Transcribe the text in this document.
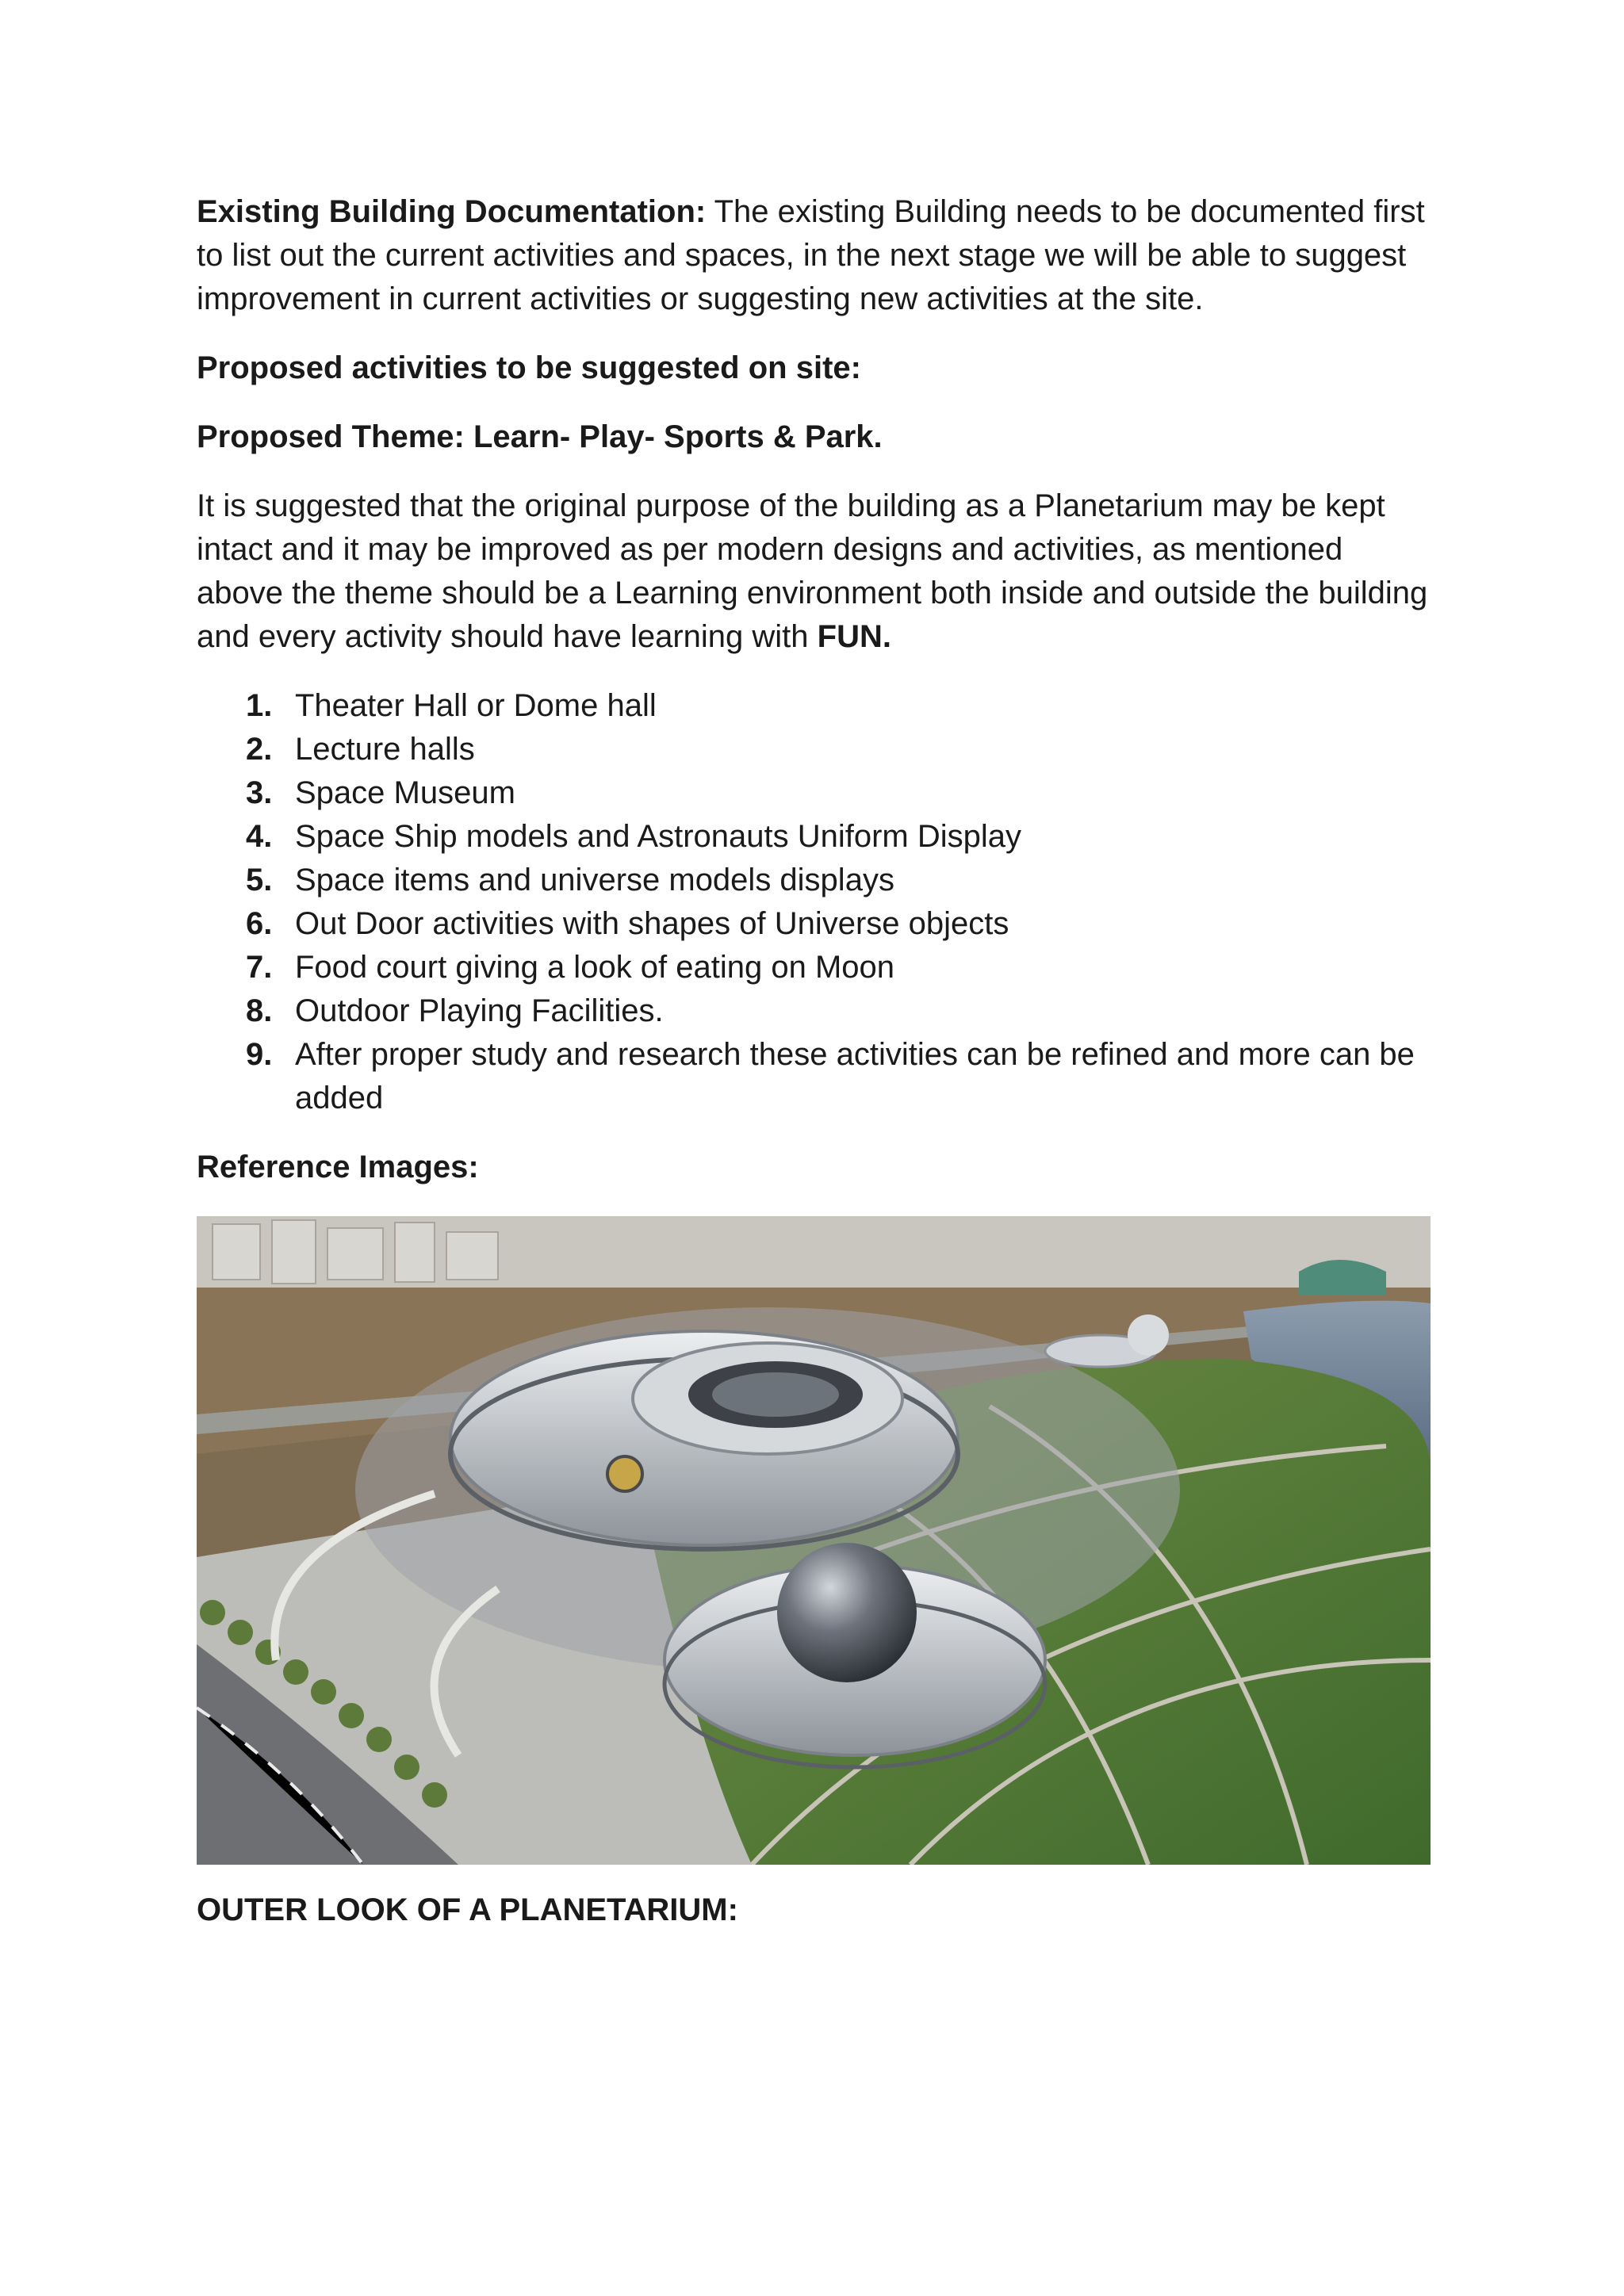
Existing Building Documentation: The existing Building needs to be documented first to list out the current activities and spaces, in the next stage we will be able to suggest improvement in current activities or suggesting new activities at the site.

Proposed activities to be suggested on site:

Proposed Theme: Learn- Play- Sports & Park.

It is suggested that the original purpose of the building as a Planetarium may be kept intact and it may be improved as per modern designs and activities, as mentioned above the theme should be a Learning environment both inside and outside the building and every activity should have learning with FUN.

1. Theater Hall or Dome hall
2. Lecture halls
3. Space Museum
4. Space Ship models and Astronauts Uniform Display
5. Space items and universe models displays
6. Out Door activities with shapes of Universe objects
7. Food court giving a look of eating on Moon
8. Outdoor Playing Facilities.
9. After proper study and research these activities can be refined and more can be added

Reference Images:

OUTER LOOK OF A PLANETARIUM:
